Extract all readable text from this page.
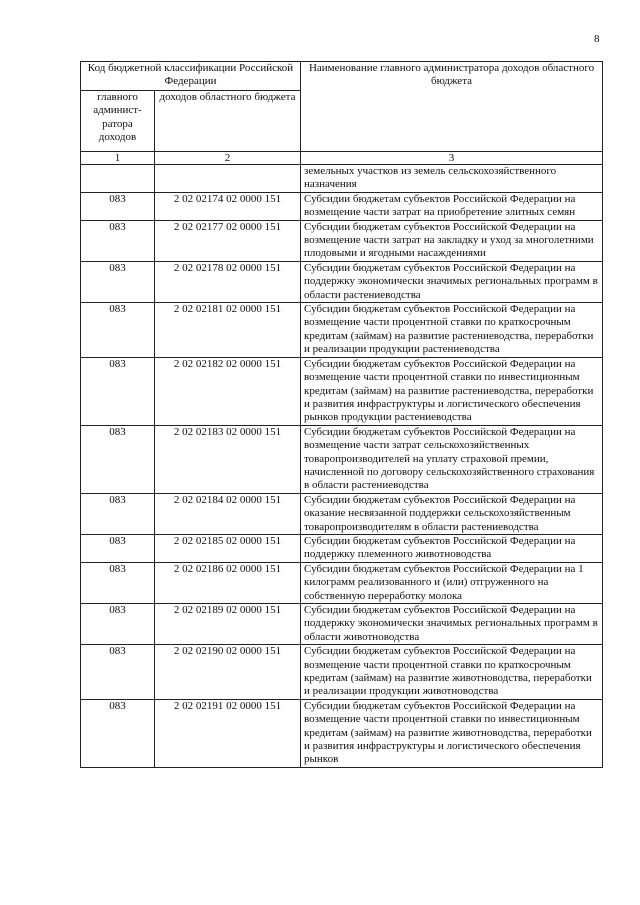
8
Код бюджетной классификации Российской Федерации		Наименование главного администратора доходов областного бюджета
главного админист-ратора доходов	доходов областного бюджета	
1	2	3
		земельных участков из земель сельскохозяйственного назначения
083	2 02 02174 02 0000 151	Субсидии бюджетам субъектов Российской Федерации на возмещение части затрат на приобретение элитных семян
083	2 02 02177 02 0000 151	Субсидии бюджетам субъектов Российской Федерации на возмещение части затрат на закладку и уход за многолетними плодовыми и ягодными насаждениями
083	2 02 02178 02 0000 151	Субсидии бюджетам субъектов Российской Федерации на поддержку экономически значимых региональных программ в области растениеводства
083	2 02 02181 02 0000 151	Субсидии бюджетам субъектов Российской Федерации на возмещение части процентной ставки по краткосрочным кредитам (займам) на развитие растениеводства, переработки и реализации продукции растениеводства
083	2 02 02182 02 0000 151	Субсидии бюджетам субъектов Российской Федерации на возмещение части процентной ставки по инвестиционным кредитам (займам) на развитие растениеводства, переработки и развития инфраструктуры и логистического обеспечения рынков продукции растениеводства
083	2 02 02183 02 0000 151	Субсидии бюджетам субъектов Российской Федерации на возмещение части затрат сельскохозяйственных товаропроизводителей на уплату страховой премии, начисленной по договору сельскохозяйственного страхования в области растениеводства
083	2 02 02184 02 0000 151	Субсидии бюджетам субъектов Российской Федерации на оказание несвязанной поддержки сельскохозяйственным товаропроизводителям в области растениеводства
083	2 02 02185 02 0000 151	Субсидии бюджетам субъектов Российской Федерации на поддержку племенного животноводства
083	2 02 02186 02 0000 151	Субсидии бюджетам субъектов Российской Федерации на 1 килограмм реализованного и (или) отгруженного на собственную переработку молока
083	2 02 02189 02 0000 151	Субсидии бюджетам субъектов Российской Федерации на поддержку экономически значимых региональных программ в области животноводства
083	2 02 02190 02 0000 151	Субсидии бюджетам субъектов Российской Федерации на возмещение части процентной ставки по краткосрочным кредитам (займам) на развитие животноводства, переработки и реализации продукции животноводства
083	2 02 02191 02 0000 151	Субсидии бюджетам субъектов Российской Федерации на возмещение части процентной ставки по инвестиционным кредитам (займам) на развитие животноводства, переработки и развития инфраструктуры и логистического обеспечения рынков
